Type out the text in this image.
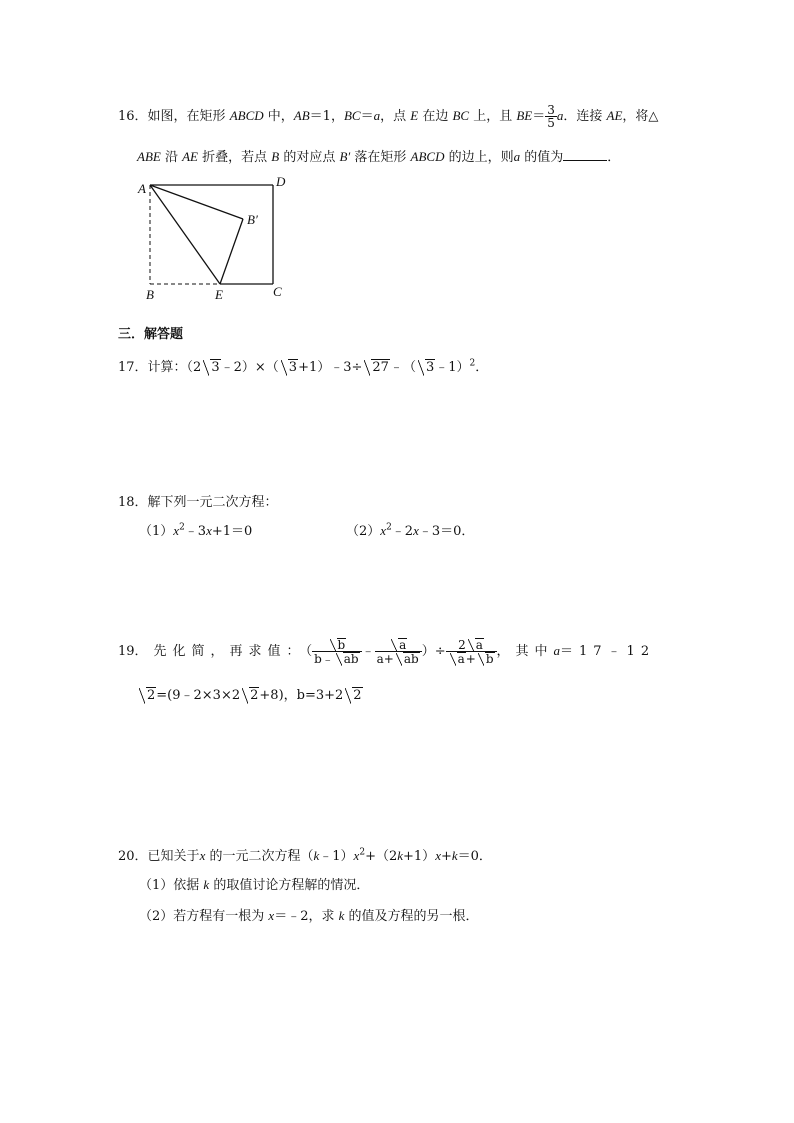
16．如图，在矩形 ABCD 中，AB＝1，BC＝a，点 E 在边 BC 上，且 $BE= \frac{3}{5}$ a．连接 AE，将△
ABE 沿 AE 折叠，若点 B 的对应点 B′ 落在矩形 ABCD 的边上，则a 的值为	．
A	D
B′
B	E	C
三．解答题
17．计算：（2 3﹣2）×（ 3+1）﹣3÷ 27﹣（ 3﹣1）$^2$．
18．解下列一元二次方程：
$(1)x^2﹣3x+1=0$	$(2)x^2﹣2x﹣3=0$．
19．先化简，再求值：（ $\frac{b}{b﹣ ab}$ ﹣ $\frac{a}{a+ ab}$ ）÷ $\frac{2 a}{a+ b}$ ，其中a＝17﹣12
2=(9﹣2×3×2 2+8)，b=3+2 2
20．已知关于x 的一元二次方程$(k﹣1)x^2+(2k+1)x+k=0$．
（1）依据 k 的取值讨论方程解的情况．
（2）若方程有一根为 x＝﹣2，求 k 的值及方程的另一根．
